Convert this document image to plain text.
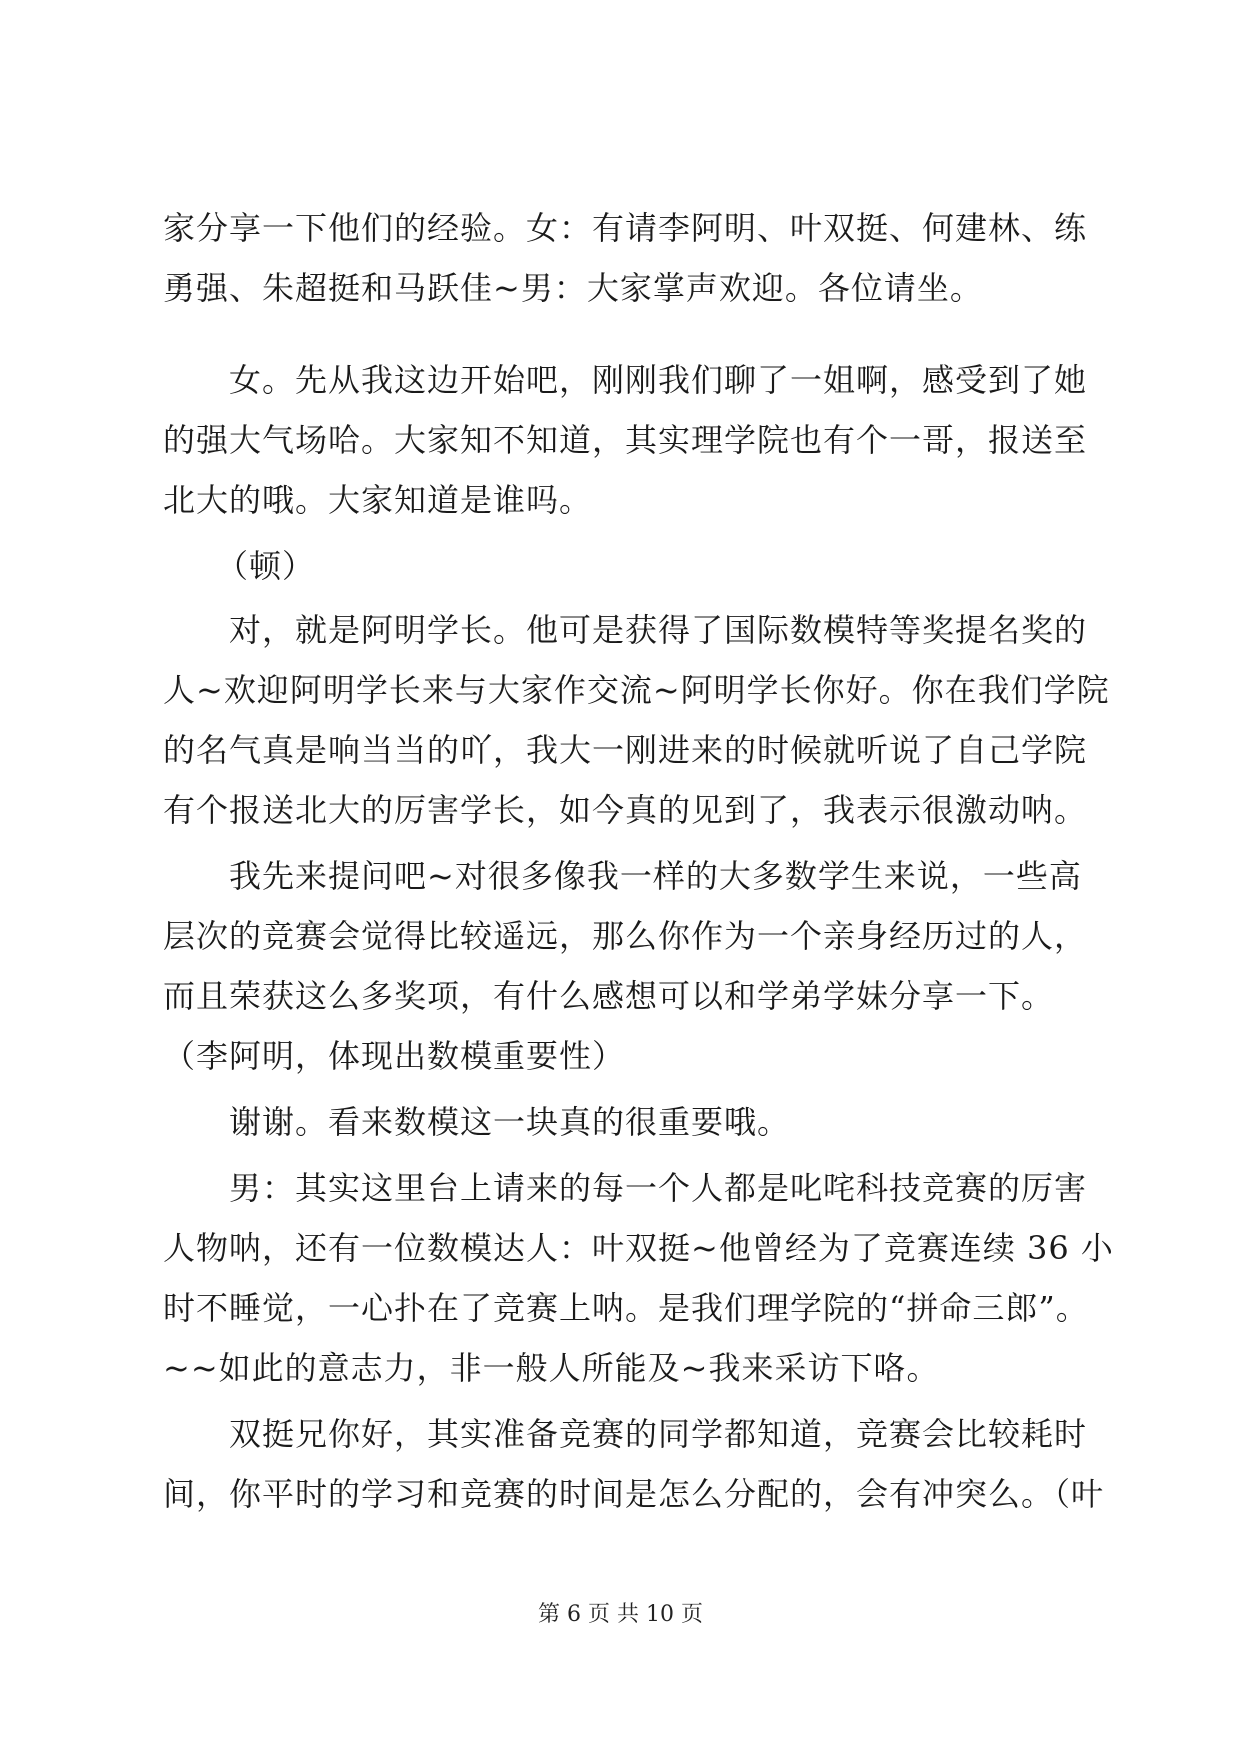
家分享一下他们的经验。女：有请李阿明、叶双挺、何建林、练
勇强、朱超挺和马跃佳~男：大家掌声欢迎。各位请坐。
女。先从我这边开始吧，刚刚我们聊了一姐啊，感受到了她
的强大气场哈。大家知不知道，其实理学院也有个一哥，报送至
北大的哦。大家知道是谁吗。
（顿）
对，就是阿明学长。他可是获得了国际数模特等奖提名奖的
人~欢迎阿明学长来与大家作交流~阿明学长你好。你在我们学院
的名气真是响当当的吖，我大一刚进来的时候就听说了自己学院
有个报送北大的厉害学长，如今真的见到了，我表示很激动呐。
我先来提问吧~对很多像我一样的大多数学生来说，一些高
层次的竞赛会觉得比较遥远，那么你作为一个亲身经历过的人，
而且荣获这么多奖项，有什么感想可以和学弟学妹分享一下。
（李阿明，体现出数模重要性）
谢谢。看来数模这一块真的很重要哦。
男：其实这里台上请来的每一个人都是叱咤科技竞赛的厉害
人物呐，还有一位数模达人：叶双挺~他曾经为了竞赛连续 36 小
时不睡觉，一心扑在了竞赛上呐。是我们理学院的“拼命三郎”。
~~如此的意志力，非一般人所能及~我来采访下咯。
双挺兄你好，其实准备竞赛的同学都知道，竞赛会比较耗时
间，你平时的学习和竞赛的时间是怎么分配的，会有冲突么。（叶
第 6 页 共 10 页
